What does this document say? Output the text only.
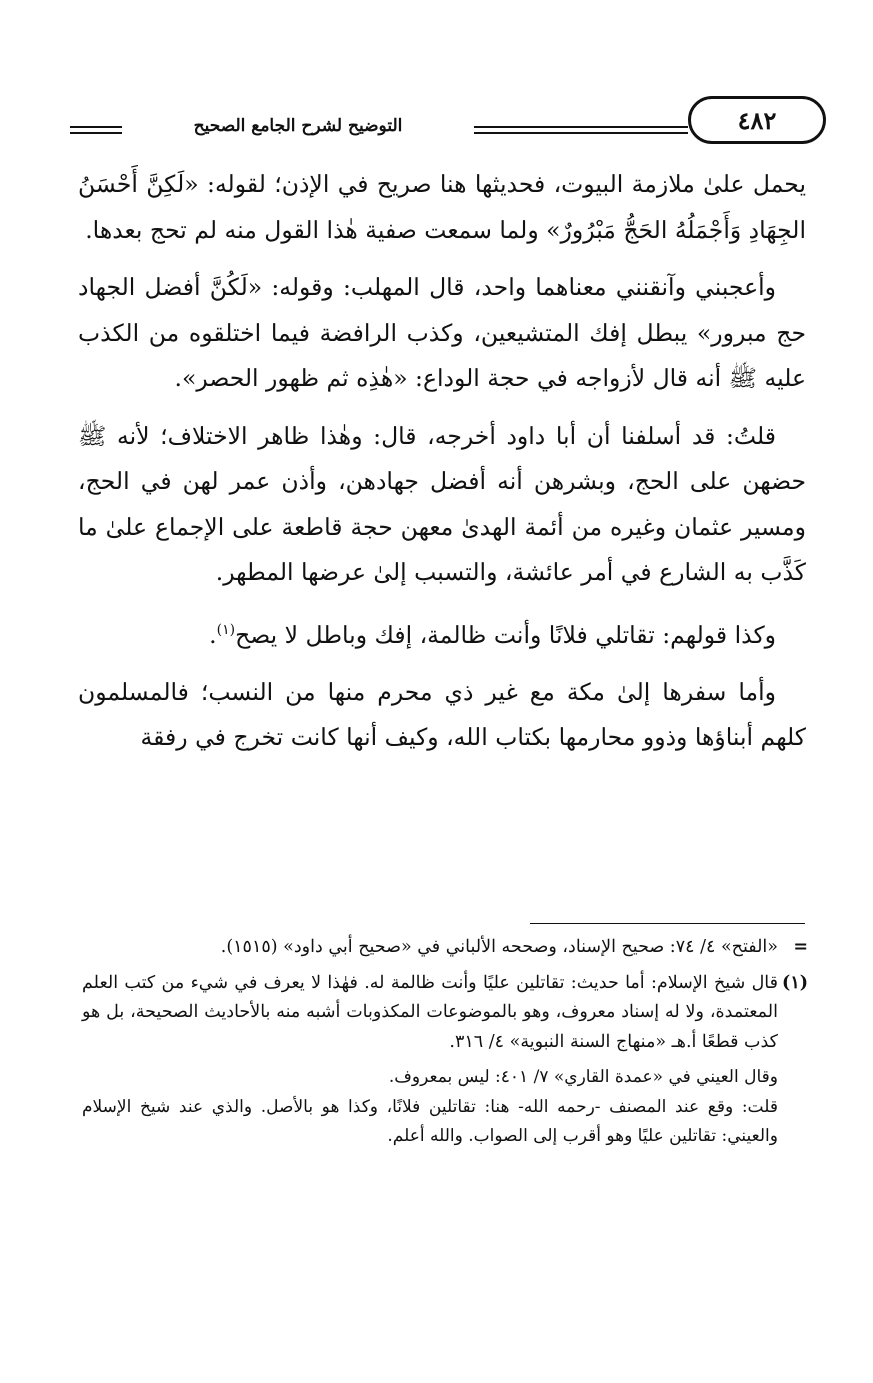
التوضيح لشرح الجامع الصحيح	٤٨٢

يحمل علىٰ ملازمة البيوت، فحديثها هنا صريح في الإذن؛ لقوله: «لَكِنَّ أَحْسَنُ الجِهَادِ وَأَجْمَلُهُ الحَجُّ مَبْرُورٌ» ولما سمعت صفية هٰذا القول منه لم تحج بعدها.

وأعجبني وآنقنني معناهما واحد، قال المهلب: وقوله: «لَكُنَّ أفضل الجهاد حج مبرور» يبطل إفك المتشيعين، وكذب الرافضة فيما اختلقوه من الكذب عليه ﷺ أنه قال لأزواجه في حجة الوداع: «هٰذِه ثم ظهور الحصر».

قلتُ: قد أسلفنا أن أبا داود أخرجه، قال: وهٰذا ظاهر الاختلاف؛ لأنه ﷺ حضهن على الحج، وبشرهن أنه أفضل جهادهن، وأذن عمر لهن في الحج، ومسير عثمان وغيره من أئمة الهدىٰ معهن حجة قاطعة على الإجماع علىٰ ما كَذَّب به الشارع في أمر عائشة، والتسبب إلىٰ عرضها المطهر.

وكذا قولهم: تقاتلي فلانًا وأنت ظالمة، إفك وباطل لا يصح$^{(١)}$.

وأما سفرها إلىٰ مكة مع غير ذي محرم منها من النسب؛ فالمسلمون كلهم أبناؤها وذوو محارمها بكتاب الله، وكيف أنها كانت تخرج في رفقة

=
«الفتح» ٤/ ٧٤: صحيح الإسناد، وصححه الألباني في «صحيح أبي داود» (١٥١٥).
(١)
قال شيخ الإسلام: أما حديث: تقاتلين عليًا وأنت ظالمة له. فهٰذا لا يعرف في شيء من كتب العلم المعتمدة، ولا له إسناد معروف، وهو بالموضوعات المكذوبات أشبه منه بالأحاديث الصحيحة، بل هو كذب قطعًا أ.هـ «منهاج السنة النبوية» ٤/ ٣١٦.

وقال العيني في «عمدة القاري» ٧/ ٤٠١: ليس بمعروف.

قلت: وقع عند المصنف -رحمه الله- هنا: تقاتلين فلانًا، وكذا هو بالأصل. والذي عند شيخ الإسلام والعيني: تقاتلين عليًا وهو أقرب إلى الصواب. والله أعلم.
